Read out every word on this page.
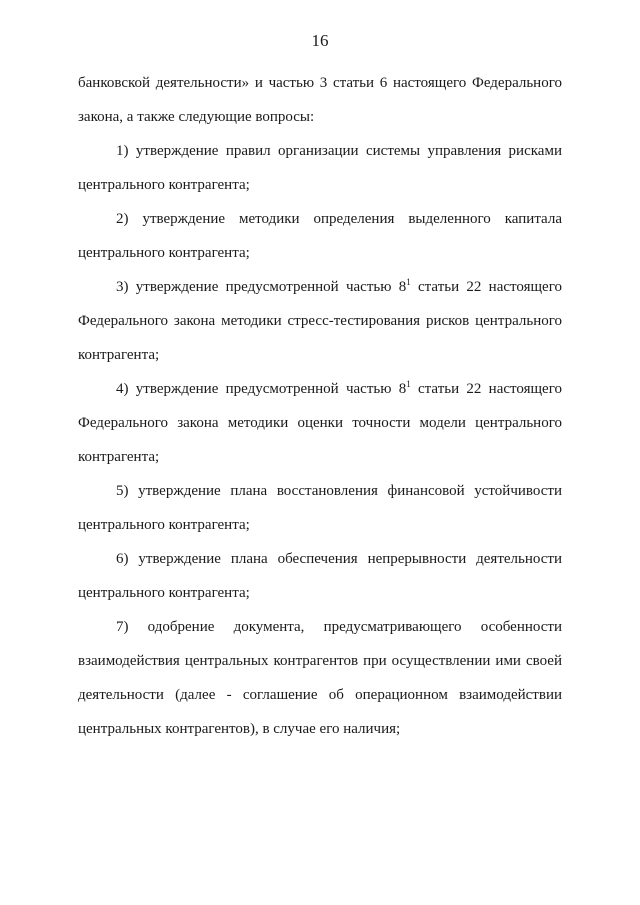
16

банковской деятельности» и частью 3 статьи 6 настоящего Федерального закона, а также следующие вопросы:

1) утверждение правил организации системы управления рисками центрального контрагента;

2) утверждение методики определения выделенного капитала центрального контрагента;

3) утверждение предусмотренной частью $8^1$ статьи 22 настоящего Федерального закона методики стресс-тестирования рисков центрального контрагента;

4) утверждение предусмотренной частью $8^1$ статьи 22 настоящего Федерального закона методики оценки точности модели центрального контрагента;

5) утверждение плана восстановления финансовой устойчивости центрального контрагента;

6) утверждение плана обеспечения непрерывности деятельности центрального контрагента;

7) одобрение документа, предусматривающего особенности взаимодействия центральных контрагентов при осуществлении ими своей деятельности (далее - соглашение об операционном взаимодействии центральных контрагентов), в случае его наличия;
